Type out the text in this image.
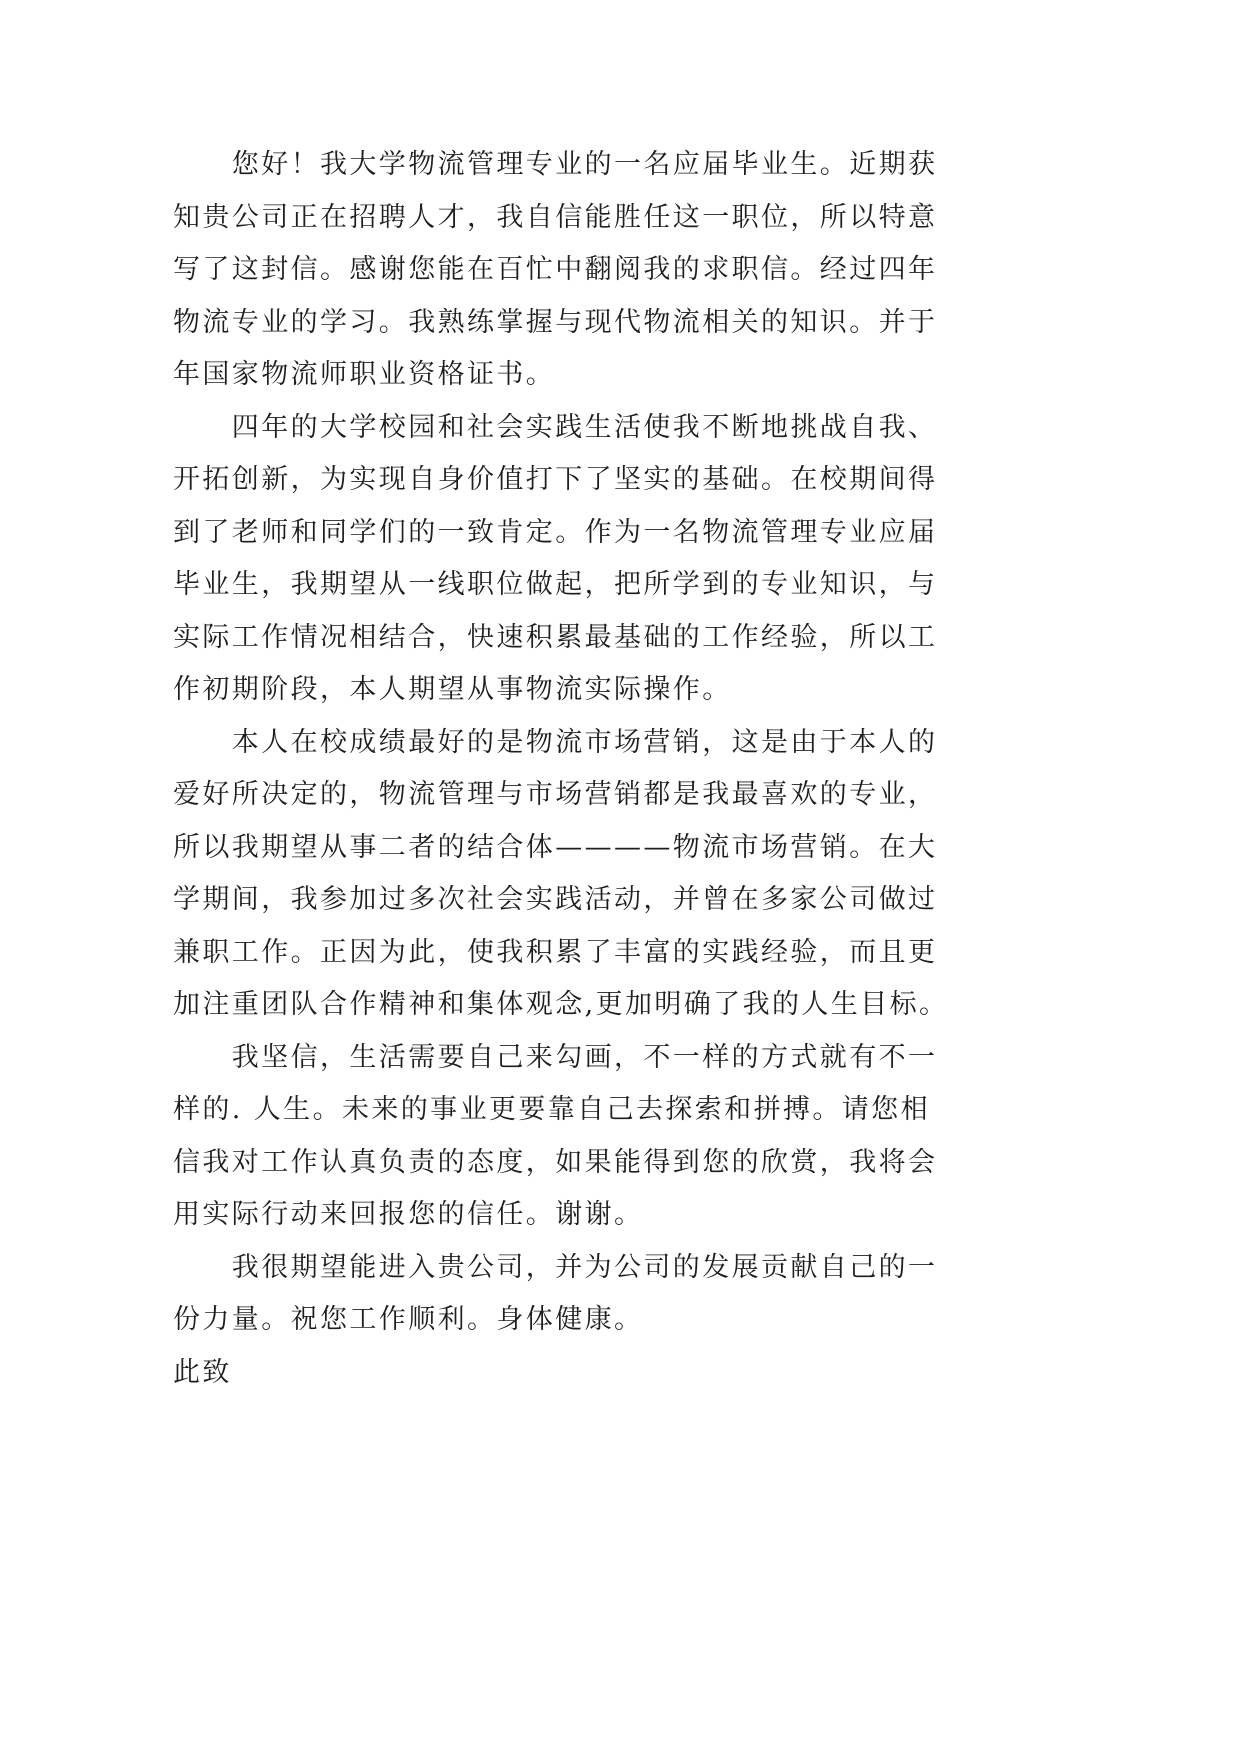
您好！我大学物流管理专业的一名应届毕业生。近期获
知贵公司正在招聘人才，我自信能胜任这一职位，所以特意
写了这封信。感谢您能在百忙中翻阅我的求职信。经过四年
物流专业的学习。我熟练掌握与现代物流相关的知识。并于
年国家物流师职业资格证书。
四年的大学校园和社会实践生活使我不断地挑战自我、
开拓创新，为实现自身价值打下了坚实的基础。在校期间得
到了老师和同学们的一致肯定。作为一名物流管理专业应届
毕业生，我期望从一线职位做起，把所学到的专业知识，与
实际工作情况相结合，快速积累最基础的工作经验，所以工
作初期阶段，本人期望从事物流实际操作。
本人在校成绩最好的是物流市场营销，这是由于本人的
爱好所决定的，物流管理与市场营销都是我最喜欢的专业，
所以我期望从事二者的结合体————物流市场营销。在大
学期间，我参加过多次社会实践活动，并曾在多家公司做过
兼职工作。正因为此，使我积累了丰富的实践经验，而且更
加注重团队合作精神和集体观念,更加明确了我的人生目标。
我坚信，生活需要自己来勾画，不一样的方式就有不一
样的. 人生。未来的事业更要靠自己去探索和拼搏。请您相
信我对工作认真负责的态度，如果能得到您的欣赏，我将会
用实际行动来回报您的信任。谢谢。
我很期望能进入贵公司，并为公司的发展贡献自己的一
份力量。祝您工作顺利。身体健康。
此致
